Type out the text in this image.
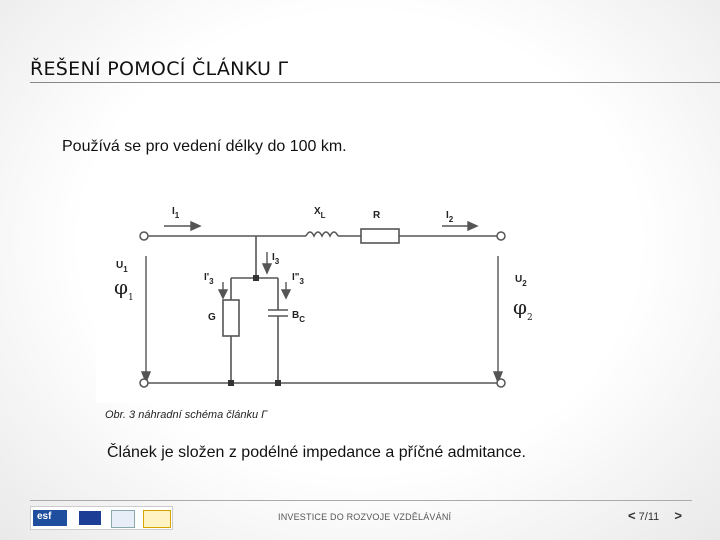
ŘEŠENÍ POMOCÍ ČLÁNKU Γ
Používá se pro vedení délky do 100 km.
$I_1$	$X_L$	R	$I_2$
$I_3$
$I'_3$	$I"_3$
$U_1$
$U_2$
G	$B_C$
$\varphi_1$	$\varphi_2$
Obr. 3 náhradní schéma článku Γ
Článek je složen z podélné impedance a příčné admitance.
esf	INVESTICE DO ROZVOJE VZDĚLÁVÁNÍ	< 7/11 >
